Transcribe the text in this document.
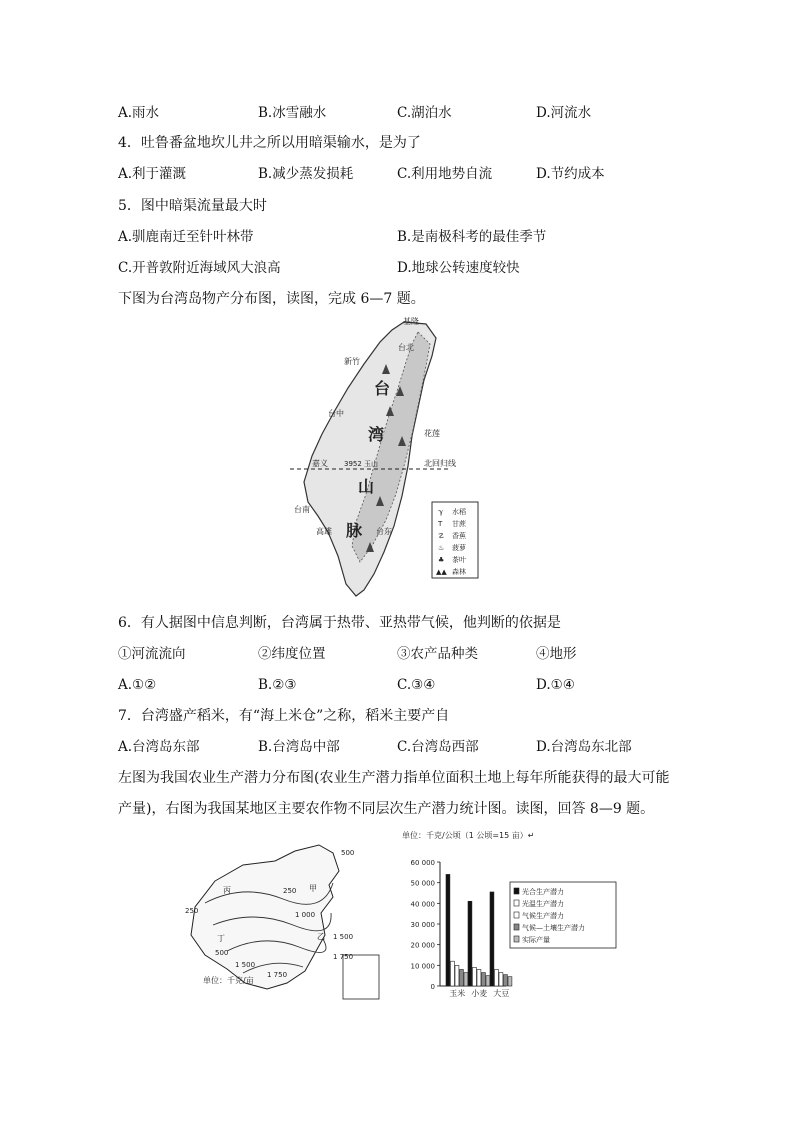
A.雨水	B.冰雪融水	C.湖泊水	D.河流水
4．吐鲁番盆地坎儿井之所以用暗渠输水，是为了
A.利于灌溉	B.减少蒸发损耗	C.利用地势自流	D.节约成本
5．图中暗渠流量最大时
A.驯鹿南迁至针叶林带	B.是南极科考的最佳季节
C.开普敦附近海域风大浪高	D.地球公转速度较快
下图为台湾岛物产分布图，读图，完成 6—7 题。
基隆
台北
新竹
台中
嘉义
台南
高雄
花莲
台东
台
湾
山
脉
3952 玉山	北回归线
ℽ 水稻
T 甘蔗
☡ 香蕉
♨ 菠萝
♣ 茶叶
▲▲ 森林
6．有人据图中信息判断，台湾属于热带、亚热带气候，他判断的依据是
①河流流向	②纬度位置	③农产品种类	④地形
A.①②	B.②③	C.③④	D.①④
7．台湾盛产稻米，有“海上米仓”之称，稻米主要产自
A.台湾岛东部	B.台湾岛中部	C.台湾岛西部	D.台湾岛东北部
左图为我国农业生产潜力分布图(农业生产潜力指单位面积土地上每年所能获得的最大可能
产量)，右图为我国某地区主要农作物不同层次生产潜力统计图。读图，回答 8—9 题。
丙	甲
丁	乙
500
250
250	1 000
500
1 500
1 750
1 500
1 750
单位：千克/亩
单位：千克/公顷（1 公顷=15 亩）↵
60 000
50 000
40 000
30 000
20 000
10 000
0
玉米 小麦 大豆
光合生产潜力
光温生产潜力
气候生产潜力
气候—土壤生产潜力
实际产量
